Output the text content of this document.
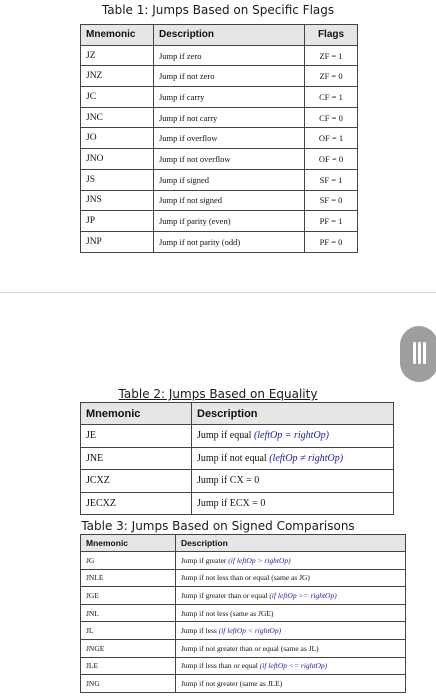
Table 1: Jumps Based on Specific Flags
Mnemonic	Description	Flags
JZ	Jump if zero	ZF = 1
JNZ	Jump if not zero	ZF = 0
JC	Jump if carry	CF = 1
JNC	Jump if not carry	CF = 0
JO	Jump if overflow	OF = 1
JNO	Jump if not overflow	OF = 0
JS	Jump if signed	SF = 1
JNS	Jump if not signed	SF = 0
JP	Jump if parity (even)	PF = 1
JNP	Jump if not parity (odd)	PF = 0
Table 2: Jumps Based on Equality
Mnemonic	Description
JE	Jump if equal (leftOp = rightOp)
JNE	Jump if not equal (leftOp ≠ rightOp)
JCXZ	Jump if CX = 0
JECXZ	Jump if ECX = 0
Table 3: Jumps Based on Signed Comparisons
Mnemonic	Description
JG	Jump if greater (if leftOp > rightOp)
JNLE	Jump if not less than or equal (same as JG)
JGE	Jump if greater than or equal (if leftOp >= rightOp)
JNL	Jump if not less (same as JGE)
JL	Jump if less (if leftOp < rightOp)
JNGE	Jump if not greater than or equal (same as JL)
JLE	Jump if less than or equal (if leftOp <= rightOp)
JNG	Jump if not greater (same as JLE)
